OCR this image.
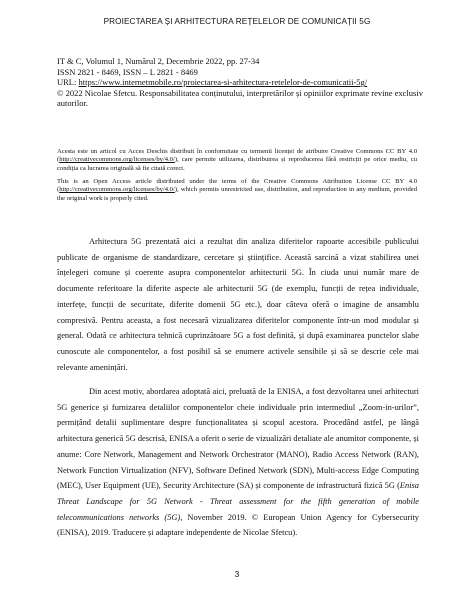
PROIECTAREA ȘI ARHITECTURA REȚELELOR DE COMUNICAȚII 5G
IT & C, Volumul 1, Numărul 2, Decembrie 2022, pp. 27-34
ISSN 2821 - 8469, ISSN – L 2821 - 8469
URL: https://www.internetmobile.ro/proiectarea-si-arhitectura-retelelor-de-comunicatii-5g/
© 2022 Nicolae Sfetcu. Responsabilitatea conținutului, interpretărilor și opiniilor exprimate revine exclusiv autorilor.
Acesta este un articol cu Acces Deschis distribuit în conformitate cu termenii licenței de atribuire Creative Commons CC BY 4.0 (http://creativecommons.org/licenses/by/4.0/), care permite utilizarea, distribuirea și reproducerea fără restricții pe orice mediu, cu condiția ca lucrarea originală să fie citată corect.
This is an Open Access article distributed under the terms of the Creative Commons Attribution License CC BY 4.0 (http://creativecommons.org/licenses/by/4.0/), which permits unrestricted use, distribution, and reproduction in any medium, provided the original work is properly cited.

Arhitectura 5G prezentată aici a rezultat din analiza diferitelor rapoarte accesibile publicului publicate de organisme de standardizare, cercetare și științifice. Această sarcină a vizat stabilirea unei înțelegeri comune și coerente asupra componentelor arhitecturii 5G. În ciuda unui număr mare de documente referitoare la diferite aspecte ale arhitecturii 5G (de exemplu, funcții de rețea individuale, interfețe, funcții de securitate, diferite domenii 5G etc.), doar câteva oferă o imagine de ansamblu compresivă. Pentru aceasta, a fost necesară vizualizarea diferitelor componente într-un mod modular și general. Odată ce arhitectura tehnică cuprinzătoare 5G a fost definită, și după examinarea punctelor slabe cunoscute ale componentelor, a fost posibil să se enumere activele sensibile și să se descrie cele mai relevante amenințări.

Din acest motiv, abordarea adoptată aici, preluată de la ENISA, a fost dezvoltarea unei arhitecturi 5G generice și furnizarea detaliilor componentelor cheie individuale prin intermediul „Zoom-in-urilor”, permițând detalii suplimentare despre funcționalitatea și scopul acestora. Procedând astfel, pe lângă arhitectura generică 5G descrisă, ENISA a oferit o serie de vizualizări detaliate ale anumitor componente, și anume: Core Network, Management and Network Orchestrator (MANO), Radio Access Network (RAN), Network Function Virtualization (NFV), Software Defined Network (SDN), Multi-access Edge Computing (MEC), User Equipment (UE), Security Architecture (SA) și componente de infrastructură fizică 5G (Enisa Threat Landscape for 5G Network - Threat assessment for the fifth generation of mobile telecommunications networks (5G), November 2019. © European Union Agency for Cybersecurity (ENISA), 2019. Traducere și adaptare independente de Nicolae Sfetcu).

3
